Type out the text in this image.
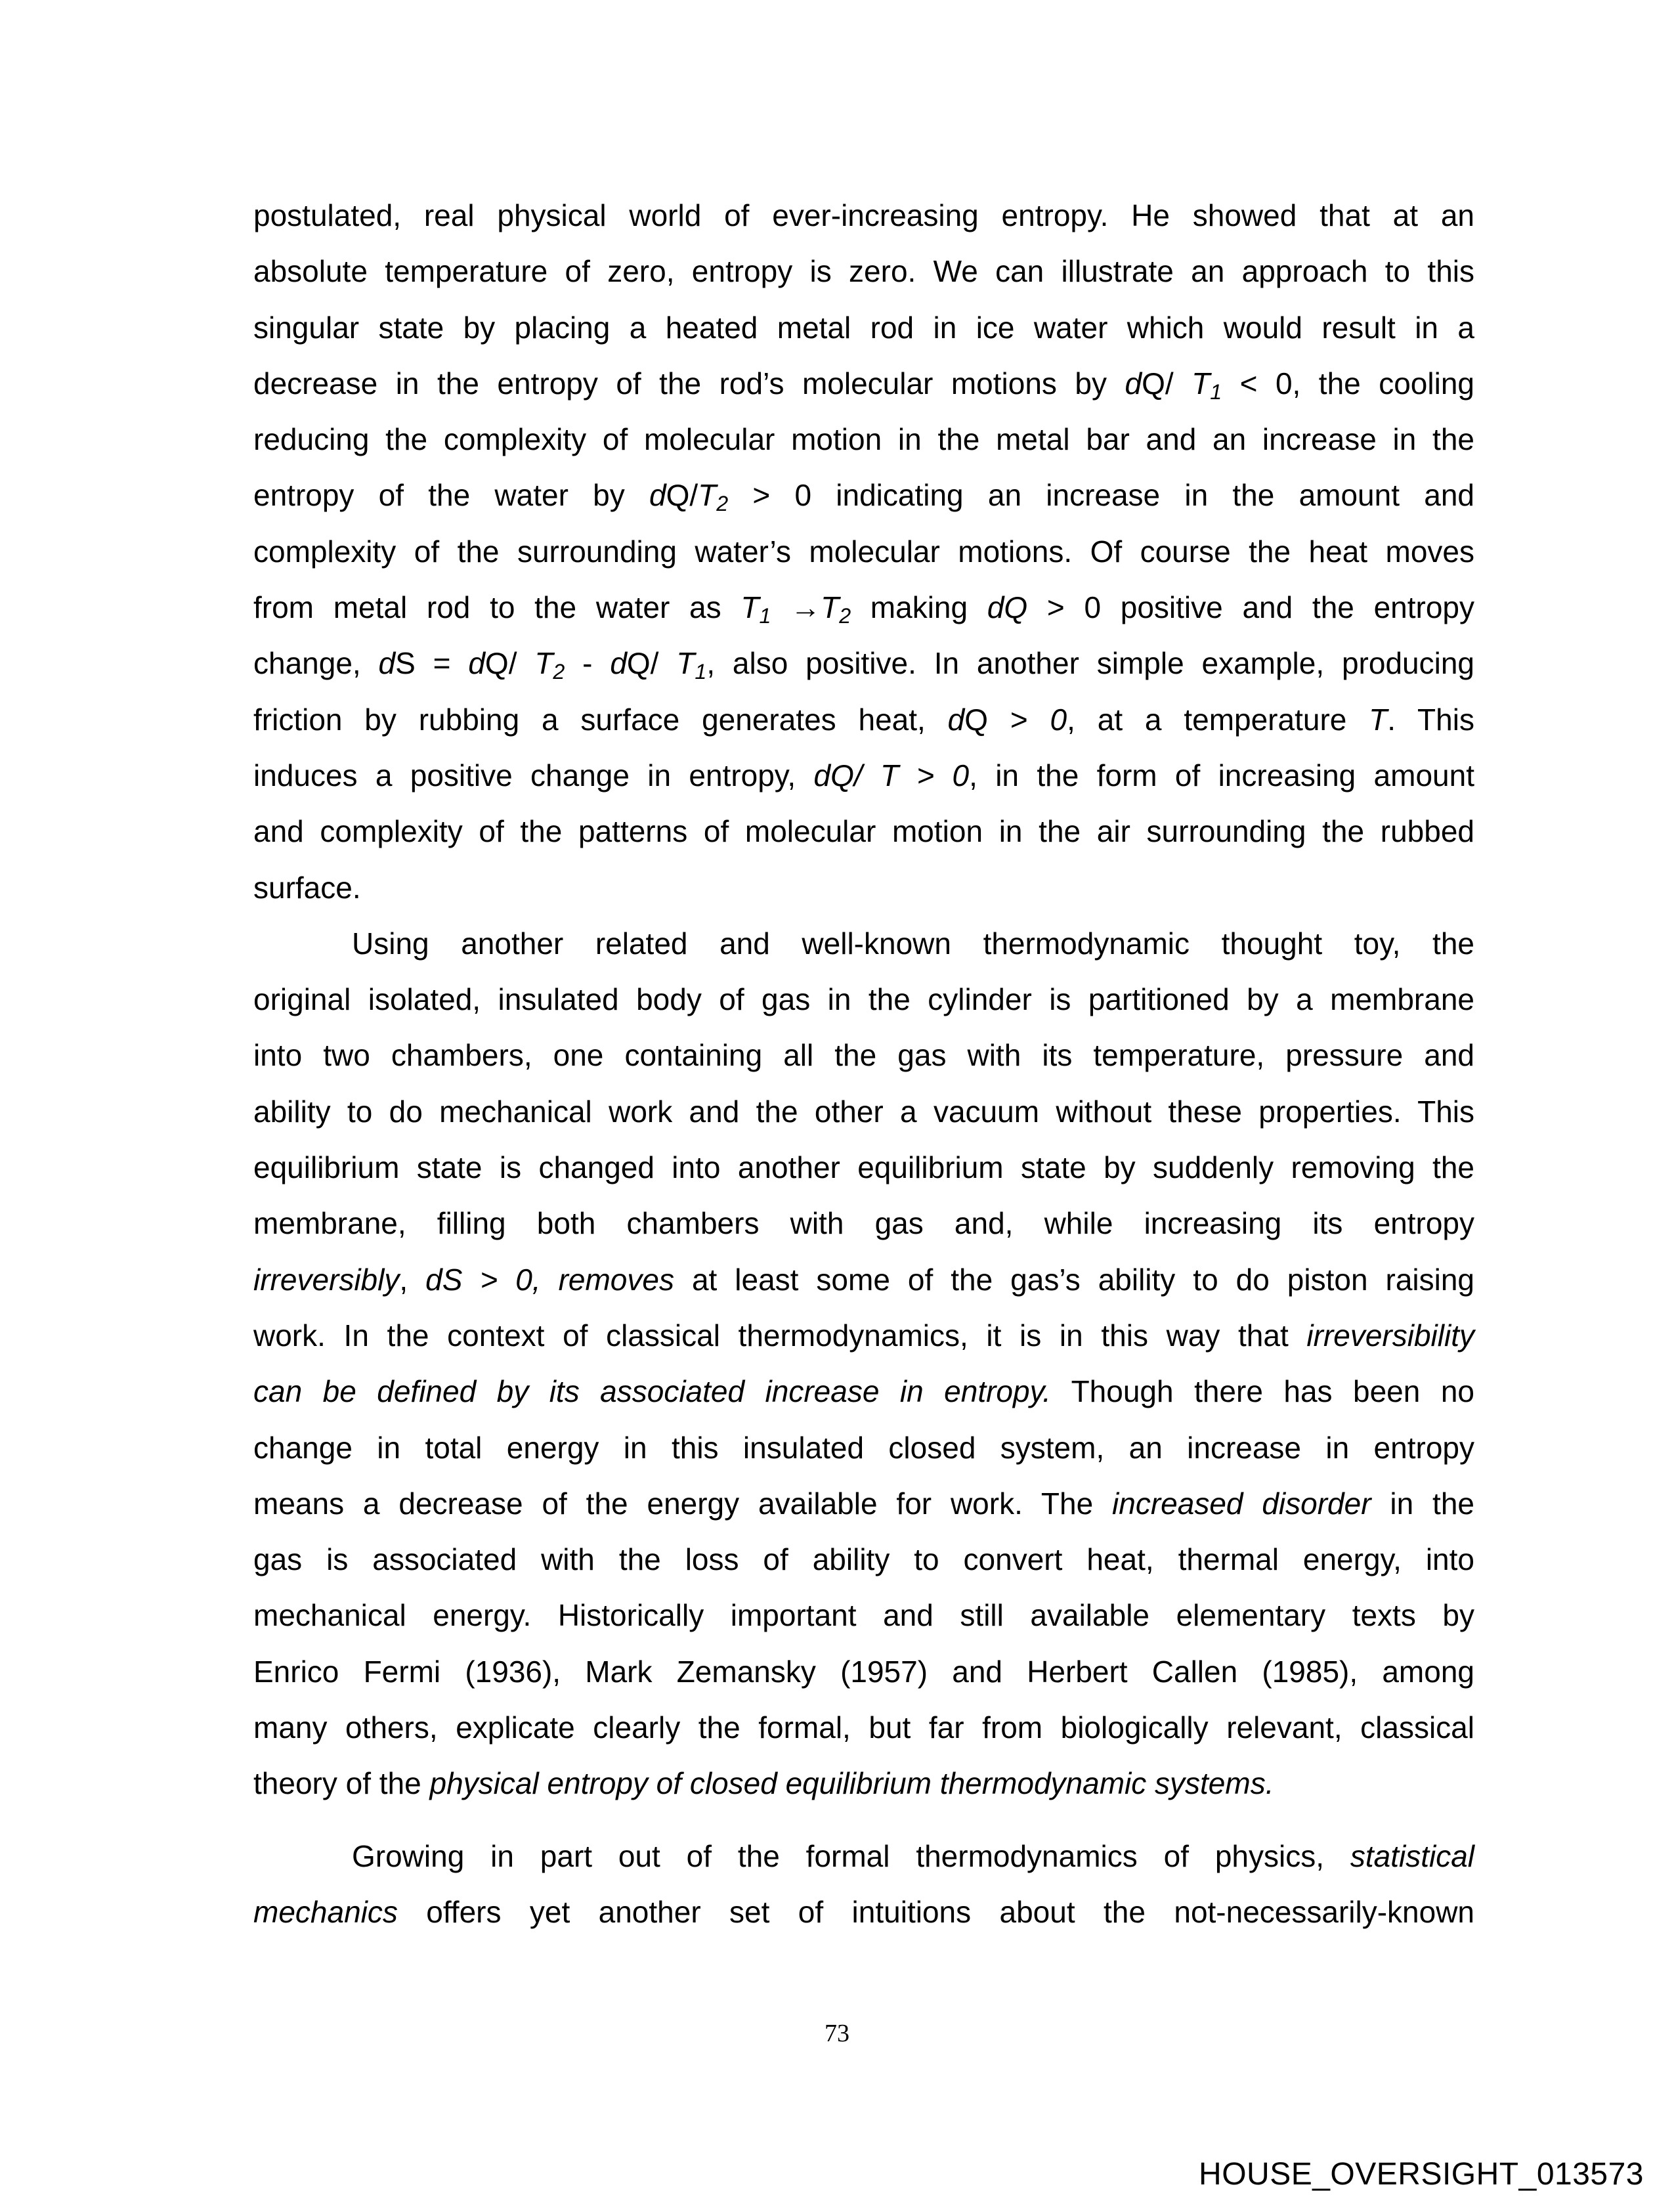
postulated, real physical world of ever-increasing entropy. He showed that at an
absolute temperature of zero, entropy is zero. We can illustrate an approach to this
singular state by placing a heated metal rod in ice water which would result in a
decrease in the entropy of the rod’s molecular motions by dQ/ T1 < 0, the cooling
reducing the complexity of molecular motion in the metal bar and an increase in the
entropy of the water by dQ/T2 > 0 indicating an increase in the amount and
complexity of the surrounding water’s molecular motions. Of course the heat moves
from metal rod to the water as T1 →T2 making dQ > 0 positive and the entropy
change, dS = dQ/ T2 - dQ/ T1, also positive. In another simple example, producing
friction by rubbing a surface generates heat, dQ > 0, at a temperature T. This
induces a positive change in entropy, dQ/ T > 0, in the form of increasing amount
and complexity of the patterns of molecular motion in the air surrounding the rubbed
surface.
Using another related and well-known thermodynamic thought toy, the
original isolated, insulated body of gas in the cylinder is partitioned by a membrane
into two chambers, one containing all the gas with its temperature, pressure and
ability to do mechanical work and the other a vacuum without these properties. This
equilibrium state is changed into another equilibrium state by suddenly removing the
membrane, filling both chambers with gas and, while increasing its entropy
irreversibly, dS > 0, removes at least some of the gas’s ability to do piston raising
work. In the context of classical thermodynamics, it is in this way that irreversibility
can be defined by its associated increase in entropy. Though there has been no
change in total energy in this insulated closed system, an increase in entropy
means a decrease of the energy available for work. The increased disorder in the
gas is associated with the loss of ability to convert heat, thermal energy, into
mechanical energy. Historically important and still available elementary texts by
Enrico Fermi (1936), Mark Zemansky (1957) and Herbert Callen (1985), among
many others, explicate clearly the formal, but far from biologically relevant, classical
theory of the physical entropy of closed equilibrium thermodynamic systems.
Growing in part out of the formal thermodynamics of physics, statistical
mechanics offers yet another set of intuitions about the not-necessarily-known
73
HOUSE_OVERSIGHT_013573
